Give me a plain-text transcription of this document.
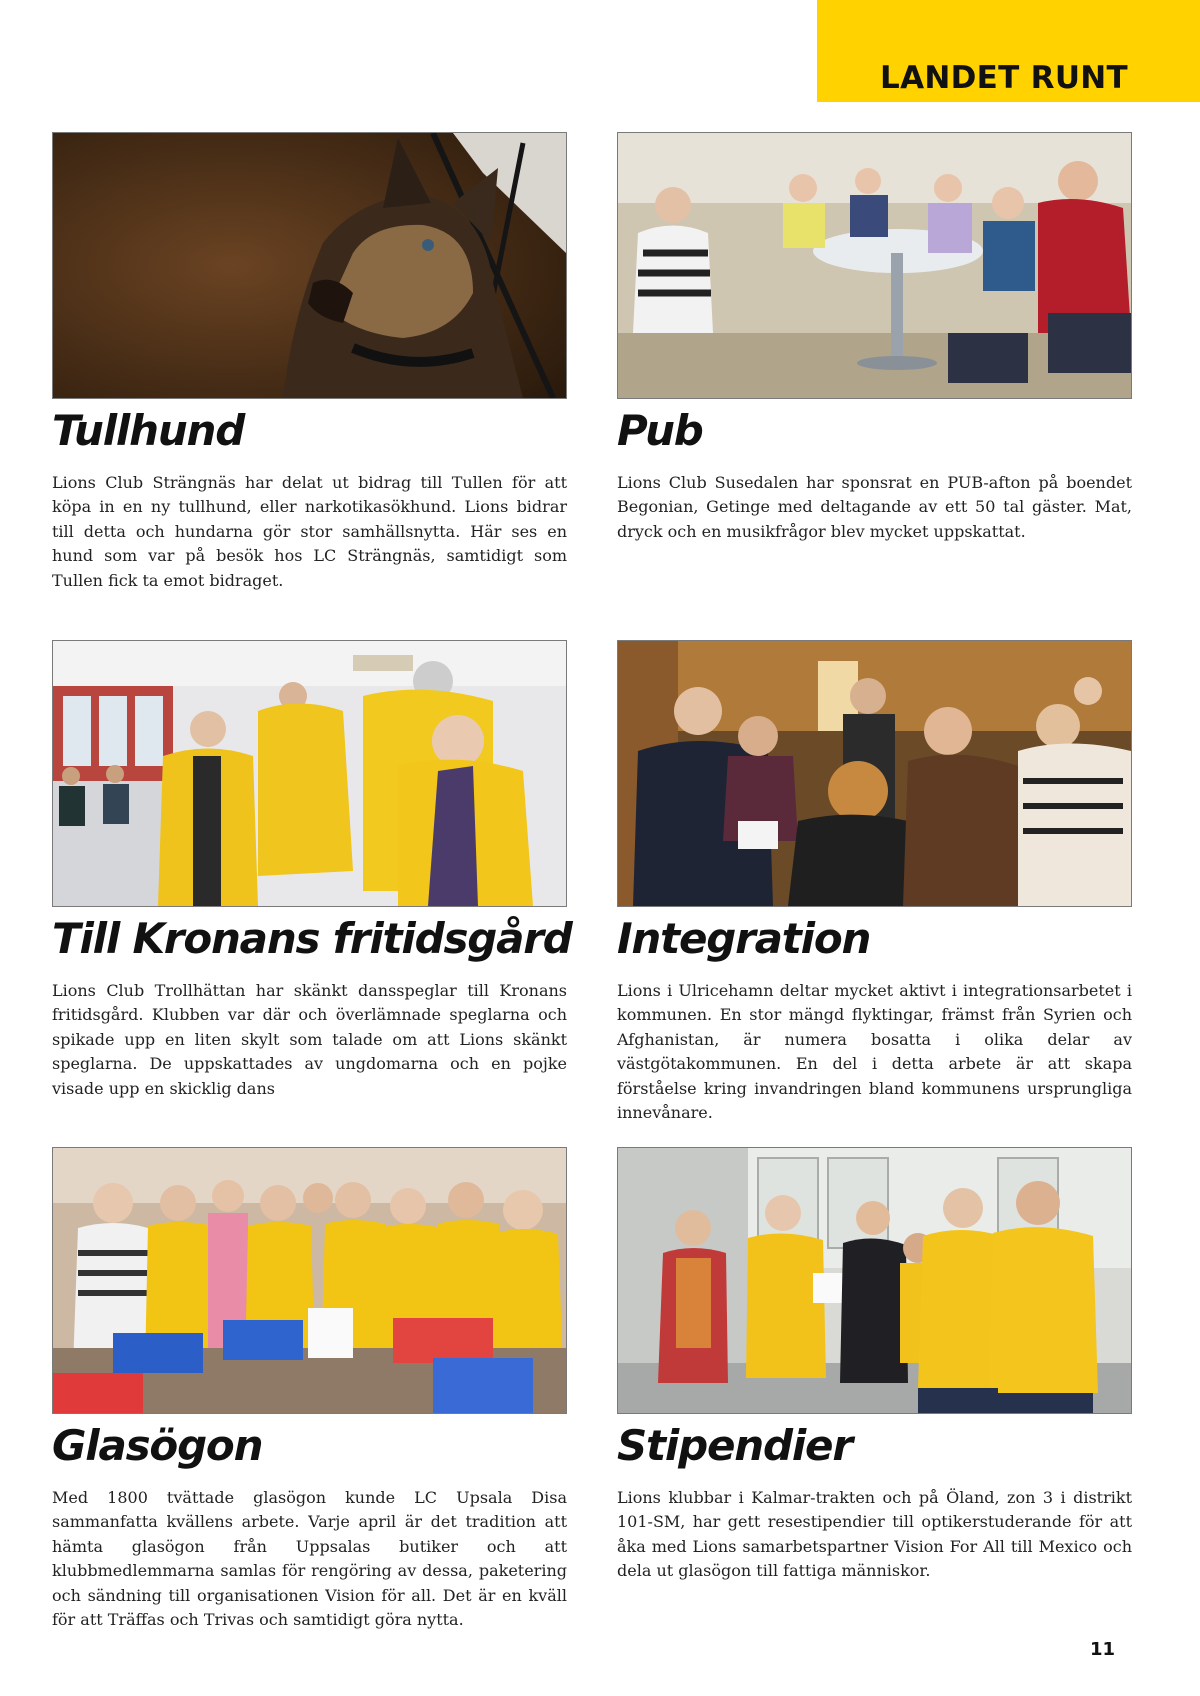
LANDET RUNT
Tullhund

Lions Club Strängnäs har delat ut bidrag till Tullen för att köpa in en ny tullhund, eller narkotikasökhund. Lions bidrar till detta och hundarna gör stor samhällsnytta. Här ses en hund som var på besök hos LC Strängnäs, samtidigt som Tullen fick ta emot bidraget.

Pub

Lions Club Susedalen har sponsrat en PUB-afton på boendet Begonian, Getinge med deltagande av ett 50 tal gäster. Mat, dryck och en musikfrågor blev mycket uppskattat.

Till Kronans fritidsgård

Lions Club Trollhättan har skänkt dansspeglar till Kronans fritidsgård. Klubben var där och överlämnade speglarna och spikade upp en liten skylt som talade om att Lions skänkt speglarna. De uppskattades av ungdomarna och en pojke visade upp en skicklig dans

Integration

Lions i Ulricehamn deltar mycket aktivt i integrationsarbetet i kommunen. En stor mängd flyktingar, främst från Syrien och Afghanistan, är numera bosatta i olika delar av västgötakommunen. En del i detta arbete är att skapa förståelse kring invandringen bland kommunens ursprungliga innevånare.

Glasögon

Med 1800 tvättade glasögon kunde LC Upsala Disa sammanfatta kvällens arbete. Varje april är det tradition att hämta glasögon från Uppsalas butiker och att klubbmedlemmarna samlas för rengöring av dessa, paketering och sändning till organisationen Vision för all. Det är en kväll för att Träffas och Trivas och samtidigt göra nytta.

Stipendier

Lions klubbar i Kalmar-trakten och på Öland, zon 3 i distrikt 101-SM, har gett resestipendier till optikerstuderande för att åka med Lions samarbetspartner Vision For All till Mexico och dela ut glasögon till fattiga människor.

11
